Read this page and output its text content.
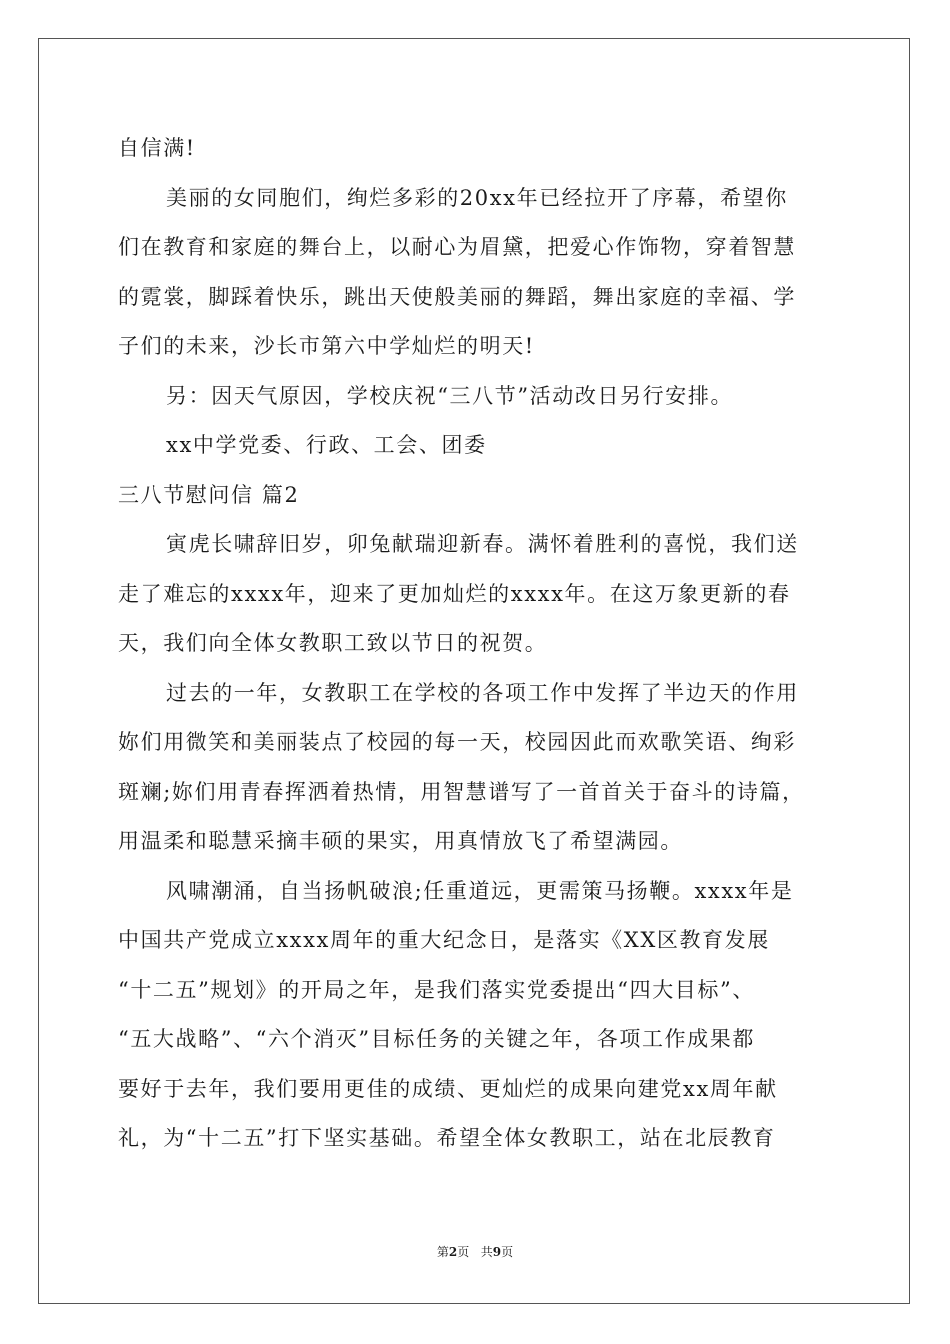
自信满!
美丽的女同胞们，绚烂多彩的20xx年已经拉开了序幕，希望你
们在教育和家庭的舞台上，以耐心为眉黛，把爱心作饰物，穿着智慧
的霓裳，脚踩着快乐，跳出天使般美丽的舞蹈，舞出家庭的幸福、学
子们的未来，沙长市第六中学灿烂的明天!
另：因天气原因，学校庆祝“三八节”活动改日另行安排。
xx中学党委、行政、工会、团委
三八节慰问信 篇2
寅虎长啸辞旧岁，卯兔献瑞迎新春。满怀着胜利的喜悦，我们送
走了难忘的xxxx年，迎来了更加灿烂的xxxx年。在这万象更新的春
天，我们向全体女教职工致以节日的祝贺。
过去的一年，女教职工在学校的各项工作中发挥了半边天的作用
妳们用微笑和美丽装点了校园的每一天，校园因此而欢歌笑语、绚彩
斑斓;妳们用青春挥洒着热情，用智慧谱写了一首首关于奋斗的诗篇，
用温柔和聪慧采摘丰硕的果实，用真情放飞了希望满园。
风啸潮涌，自当扬帆破浪;任重道远，更需策马扬鞭。xxxx年是
中国共产党成立xxxx周年的重大纪念日，是落实《XX区教育发展
“十二五”规划》的开局之年，是我们落实党委提出“四大目标”、
“五大战略”、“六个消灭”目标任务的关键之年，各项工作成果都
要好于去年，我们要用更佳的成绩、更灿烂的成果向建党xx周年献
礼，为“十二五”打下坚实基础。希望全体女教职工，站在北辰教育
第2页 共9页
